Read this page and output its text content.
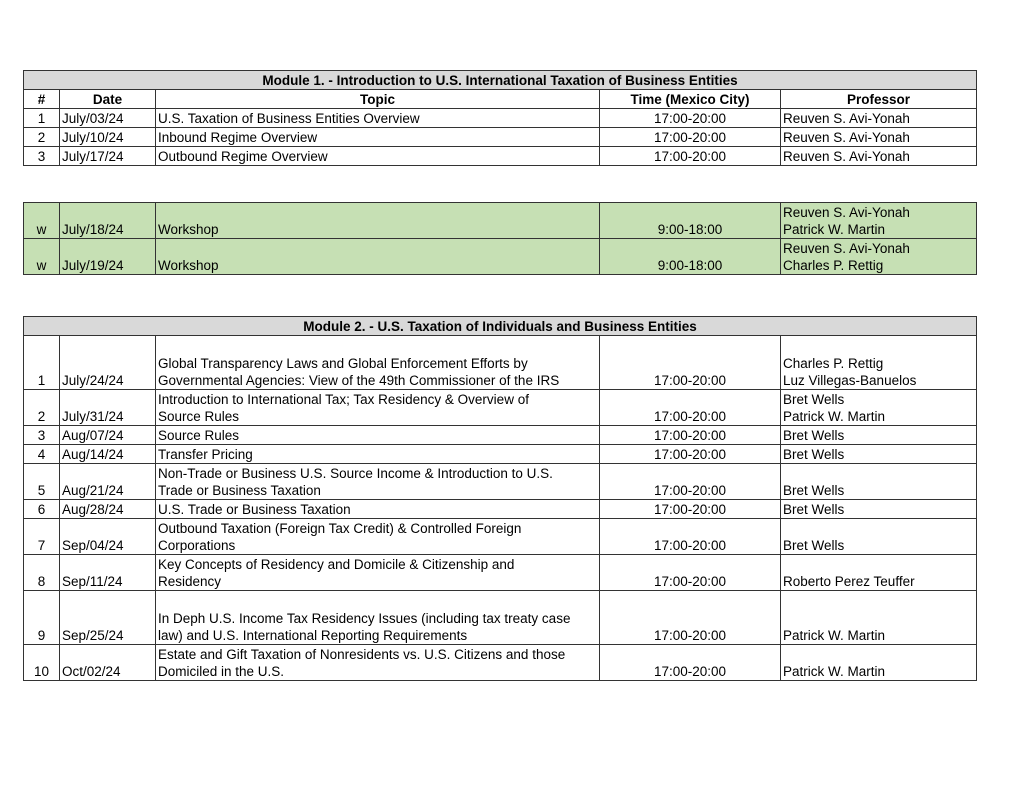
Module 1. - Introduction to U.S. International Taxation of Business Entities				
#	Date	Topic	Time (Mexico City)	Professor
1	July/03/24	U.S. Taxation of Business Entities Overview	17:00-20:00	Reuven S. Avi-Yonah

2	July/10/24	Inbound Regime Overview	17:00-20:00	Reuven S. Avi-Yonah

3	July/17/24	Outbound Regime Overview	17:00-20:00	Reuven S. Avi-Yonah
w	July/18/24	Workshop	9:00-18:00	Reuven S. Avi-Yonah
Patrick W. Martin

w	July/19/24	Workshop	9:00-18:00	Reuven S. Avi-Yonah
Charles P. Rettig
Module 2. - U.S. Taxation of Individuals and Business Entities				
1	July/24/24	Global Transparency Laws and Global Enforcement Efforts by
Governmental Agencies: View of the 49th Commissioner of the IRS	17:00-20:00	Charles P. Rettig
Luz Villegas-Banuelos

2	July/31/24	Introduction to International Tax; Tax Residency & Overview of
Source Rules	17:00-20:00	Bret Wells
Patrick W. Martin

3	Aug/07/24	Source Rules	17:00-20:00	Bret Wells

4	Aug/14/24	Transfer Pricing	17:00-20:00	Bret Wells

5	Aug/21/24	Non-Trade or Business U.S. Source Income & Introduction to U.S.
Trade or Business Taxation	17:00-20:00	Bret Wells

6	Aug/28/24	U.S. Trade or Business Taxation	17:00-20:00	Bret Wells

7	Sep/04/24	Outbound Taxation (Foreign Tax Credit) & Controlled Foreign
Corporations	17:00-20:00	Bret Wells

8	Sep/11/24	Key Concepts of Residency and Domicile & Citizenship and
Residency	17:00-20:00	Roberto Perez Teuffer

9	Sep/25/24	In Deph U.S. Income Tax Residency Issues (including tax treaty case
law) and U.S. International Reporting Requirements	17:00-20:00	Patrick W. Martin

10	Oct/02/24	Estate and Gift Taxation of Nonresidents vs. U.S. Citizens and those
Domiciled in the U.S.	17:00-20:00	Patrick W. Martin
